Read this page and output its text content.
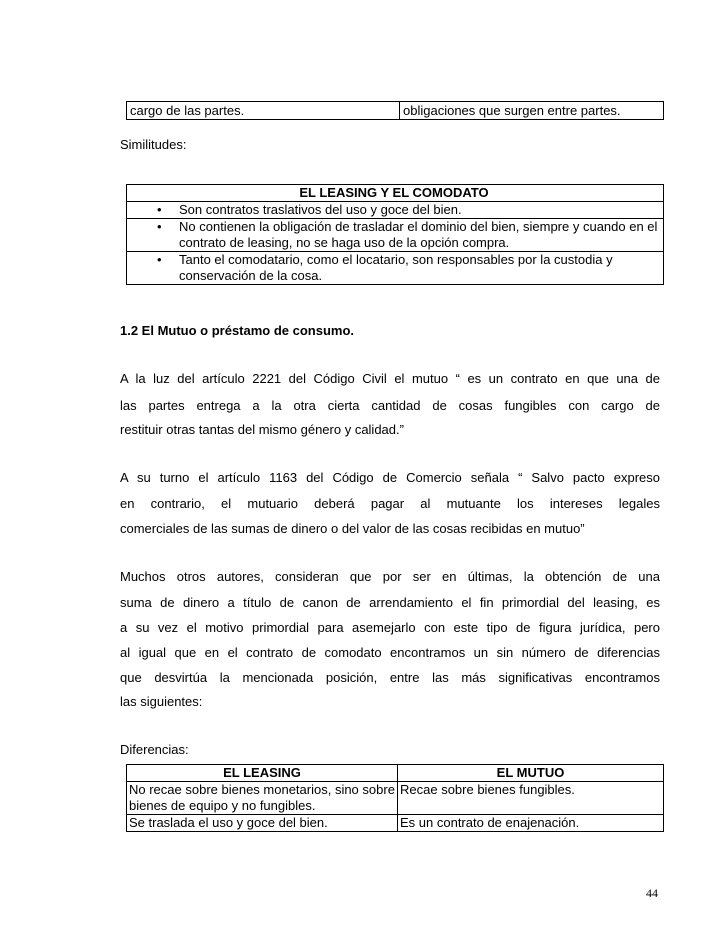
cargo de las partes.	obligaciones que surgen entre partes.
Similitudes:
EL LEASING Y EL COMODATO

• Son contratos traslativos del uso y goce del bien.

• No contienen la obligación de trasladar el dominio del bien, siempre y cuando en el contrato de leasing, no se haga uso de la opción compra.

• Tanto el comodatario, como el locatario, son responsables por la custodia y conservación de la cosa.
1.2 El Mutuo o préstamo de consumo.
A la luz del artículo 2221 del Código Civil el mutuo “ es un contrato en que una de
las partes entrega a la otra cierta cantidad de cosas fungibles con cargo de
restituir otras tantas del mismo género y calidad.”
A su turno el artículo 1163 del Código de Comercio señala “ Salvo pacto expreso
en contrario, el mutuario deberá pagar al mutuante los intereses legales
comerciales de las sumas de dinero o del valor de las cosas recibidas en mutuo”
Muchos otros autores, consideran que por ser en últimas, la obtención de una
suma de dinero a título de canon de arrendamiento el fin primordial del leasing, es
a su vez el motivo primordial para asemejarlo con este tipo de figura jurídica, pero
al igual que en el contrato de comodato encontramos un sin número de diferencias
que desvirtúa la mencionada posición, entre las más significativas encontramos
las siguientes:
Diferencias:
EL LEASING	EL MUTUO
No recae sobre bienes monetarios, sino sobre bienes de equipo y no fungibles.	Recae sobre bienes fungibles.
Se traslada el uso y goce del bien.	Es un contrato de enajenación.
44
